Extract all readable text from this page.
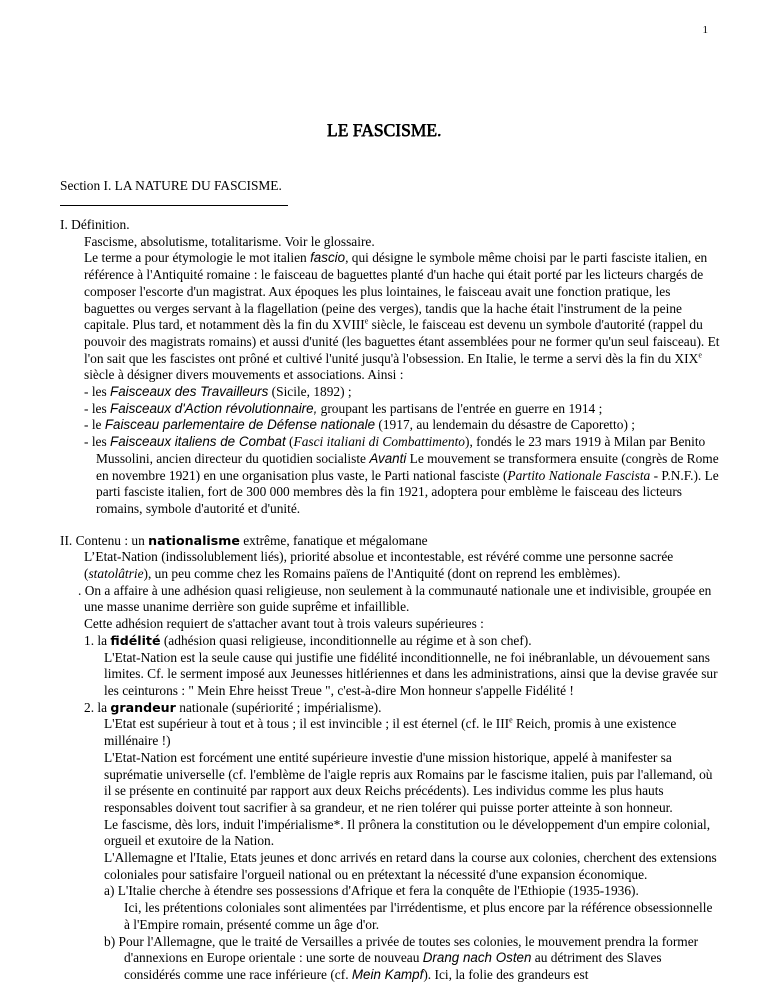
1
LE FASCISME.
Section I. LA NATURE DU FASCISME.

I. Définition.

Fascisme, absolutisme, totalitarisme. Voir le glossaire.

Le terme a pour étymologie le mot italien fascio, qui désigne le symbole même choisi par le parti fasciste italien, en référence à l'Antiquité romaine : le faisceau de baguettes planté d'un hache qui était porté par les licteurs chargés de composer l'escorte d'un magistrat. Aux époques les plus lointaines, le faisceau avait une fonction pratique, les baguettes ou verges servant à la flagellation (peine des verges), tandis que la hache était l'instrument de la peine capitale. Plus tard, et notamment dès la fin du XVIIIe siècle, le faisceau est devenu un symbole d'autorité (rappel du pouvoir des magistrats romains) et aussi d'unité (les baguettes étant assemblées pour ne former qu'un seul faisceau). Et l'on sait que les fascistes ont prôné et cultivé l'unité jusqu'à l'obsession. En Italie, le terme a servi dès la fin du XIXe siècle à désigner divers mouvements et associations. Ainsi :

- les Faisceaux des Travailleurs (Sicile, 1892) ;

- les Faisceaux d'Action révolutionnaire, groupant les partisans de l'entrée en guerre en 1914 ;

- le Faisceau parlementaire de Défense nationale (1917, au lendemain du désastre de Caporetto) ;

- les Faisceaux italiens de Combat (Fasci italiani di Combattimento), fondés le 23 mars 1919 à Milan par Benito Mussolini, ancien directeur du quotidien socialiste Avanti Le mouvement se transformera ensuite (congrès de Rome en novembre 1921) en une organisation plus vaste, le Parti national fasciste (Partito Nationale Fascista - P.N.F.). Le parti fasciste italien, fort de 300 000 membres dès la fin 1921, adoptera pour emblème le faisceau des licteurs romains, symbole d'autorité et d'unité.

II. Contenu : un nationalisme extrême, fanatique et mégalomane

L’Etat-Nation (indissolublement liés), priorité absolue et incontestable, est révéré comme une personne sacrée (statolâtrie), un peu comme chez les Romains païens de l'Antiquité (dont on reprend les emblèmes).

. On a affaire à une adhésion quasi religieuse, non seulement à la communauté nationale une et indivisible, groupée en une masse unanime derrière son guide suprême et infaillible.

Cette adhésion requiert de s'attacher avant tout à trois valeurs supérieures :

1. la fidélité (adhésion quasi religieuse, inconditionnelle au régime et à son chef).

L'Etat-Nation est la seule cause qui justifie une fidélité inconditionnelle, ne foi inébranlable, un dévouement sans limites. Cf. le serment imposé aux Jeunesses hitlériennes et dans les administrations, ainsi que la devise gravée sur les ceinturons : " Mein Ehre heisst Treue ", c'est-à-dire Mon honneur s'appelle Fidélité !

2. la grandeur nationale (supériorité ; impérialisme).

L'Etat est supérieur à tout et à tous ; il est invincible ; il est éternel (cf. le IIIe Reich, promis à une existence millénaire !)

L'Etat-Nation est forcément une entité supérieure investie d'une mission historique, appelé à manifester sa suprématie universelle (cf. l'emblème de l'aigle repris aux Romains par le fascisme italien, puis par l'allemand, où il se présente en continuité par rapport aux deux Reichs précédents). Les individus comme les plus hauts responsables doivent tout sacrifier à sa grandeur, et ne rien tolérer qui puisse porter atteinte à son honneur.

Le fascisme, dès lors, induit l'impérialisme*. Il prônera la constitution ou le développement d'un empire colonial, orgueil et exutoire de la Nation.

L'Allemagne et l'Italie, Etats jeunes et donc arrivés en retard dans la course aux colonies, cherchent des extensions coloniales pour satisfaire l'orgueil national ou en prétextant la nécessité d'une expansion économique.

a) L'Italie cherche à étendre ses possessions d'Afrique et fera la conquête de l'Ethiopie (1935-1936).

Ici, les prétentions coloniales sont alimentées par l'irrédentisme, et plus encore par la référence obsessionnelle à l'Empire romain, présenté comme un âge d'or.

b) Pour l'Allemagne, que le traité de Versailles a privée de toutes ses colonies, le mouvement prendra la former d'annexions en Europe orientale : une sorte de nouveau Drang nach Osten au détriment des Slaves considérés comme une race inférieure (cf. Mein Kampf). Ici, la folie des grandeurs est
